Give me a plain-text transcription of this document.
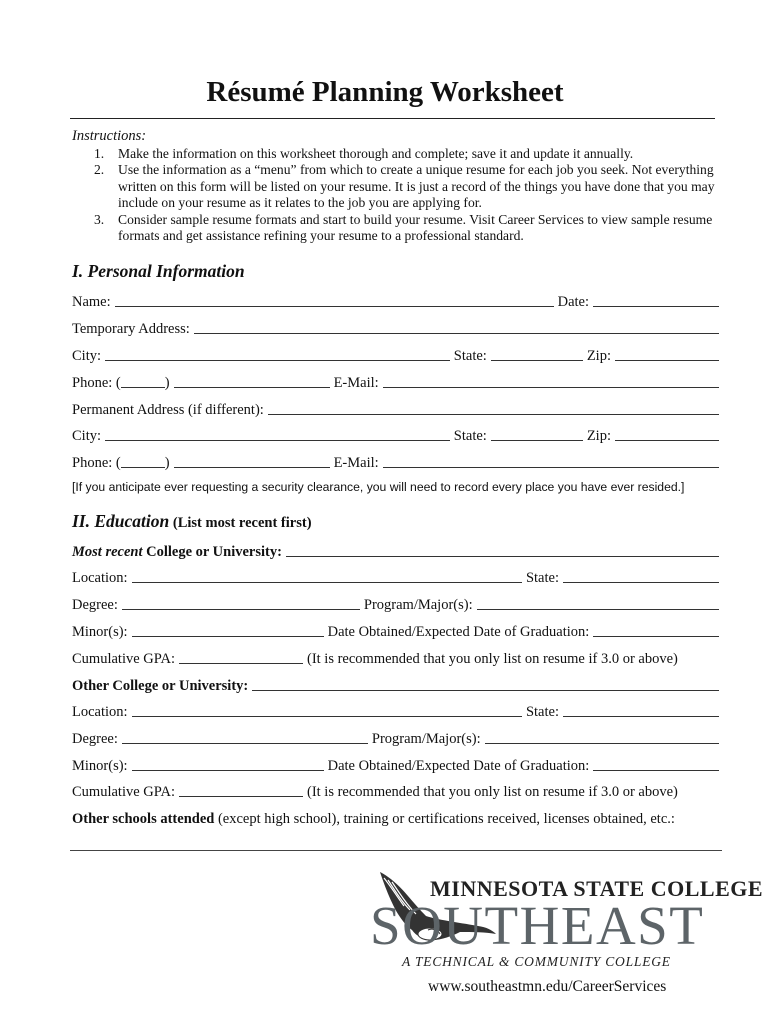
Résumé Planning Worksheet
Instructions:
1. Make the information on this worksheet thorough and complete; save it and update it annually.
2. Use the information as a “menu” from which to create a unique resume for each job you seek. Not everything written on this form will be listed on your resume. It is just a record of the things you have done that you may include on your resume as it relates to the job you are applying for.
3. Consider sample resume formats and start to build your resume. Visit Career Services to view sample resume formats and get assistance refining your resume to a professional standard.
I. Personal Information
Name:	Date:
Temporary Address:
City:	State:	Zip:
Phone: (	)	E-Mail:
Permanent Address (if different):
City:	State:	Zip:
Phone: (	)	E-Mail:
[If you anticipate ever requesting a security clearance, you will need to record every place you have ever resided.]
II. Education (List most recent first)
Most recent College or University:
Location:	State:
Degree:	Program/Major(s):
Minor(s):	Date Obtained/Expected Date of Graduation:
Cumulative GPA:	(It is recommended that you only list on resume if 3.0 or above)
Other College or University:
Location:	State:
Degree:	Program/Major(s):
Minor(s):	Date Obtained/Expected Date of Graduation:
Cumulative GPA:	(It is recommended that you only list on resume if 3.0 or above)
Other schools attended (except high school), training or certifications received, licenses obtained, etc.:
MINNESOTA STATE COLLEGE
SOUTHEAST
A TECHNICAL & COMMUNITY COLLEGE
www.southeastmn.edu/CareerServices
